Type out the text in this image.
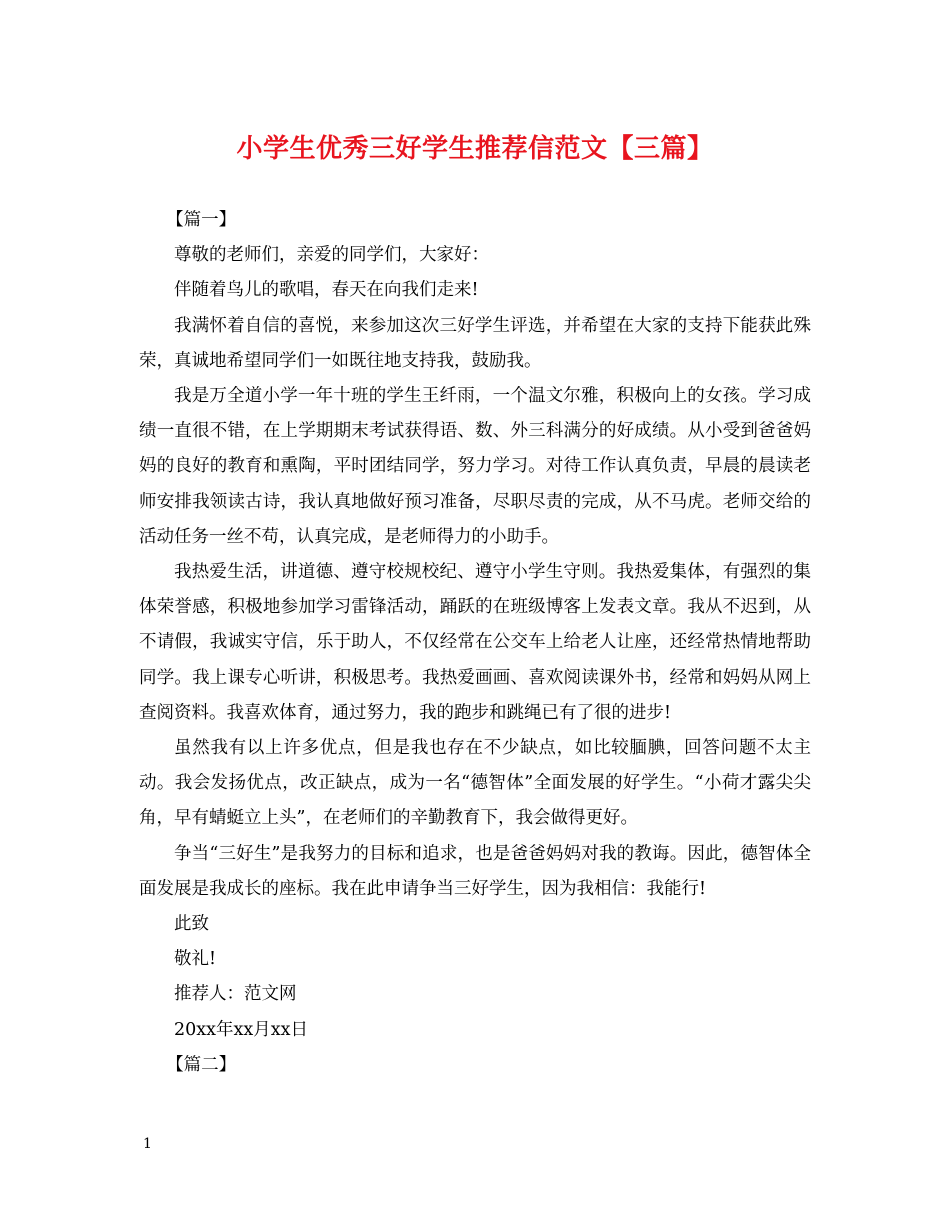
小学生优秀三好学生推荐信范文【三篇】

【篇一】

尊敬的老师们，亲爱的同学们，大家好：

伴随着鸟儿的歌唱，春天在向我们走来!

我满怀着自信的喜悦，来参加这次三好学生评选，并希望在大家的支持下能获此殊荣，真诚地希望同学们一如既往地支持我，鼓励我。

我是万全道小学一年十班的学生王纤雨，一个温文尔雅，积极向上的女孩。学习成绩一直很不错，在上学期期末考试获得语、数、外三科满分的好成绩。从小受到爸爸妈妈的良好的教育和熏陶，平时团结同学，努力学习。对待工作认真负责，早晨的晨读老师安排我领读古诗，我认真地做好预习准备，尽职尽责的完成，从不马虎。老师交给的活动任务一丝不苟，认真完成，是老师得力的小助手。

我热爱生活，讲道德、遵守校规校纪、遵守小学生守则。我热爱集体，有强烈的集体荣誉感，积极地参加学习雷锋活动，踊跃的在班级博客上发表文章。我从不迟到，从不请假，我诚实守信，乐于助人，不仅经常在公交车上给老人让座，还经常热情地帮助同学。我上课专心听讲，积极思考。我热爱画画、喜欢阅读课外书，经常和妈妈从网上查阅资料。我喜欢体育，通过努力，我的跑步和跳绳已有了很的进步!

虽然我有以上许多优点，但是我也存在不少缺点，如比较腼腆，回答问题不太主动。我会发扬优点，改正缺点，成为一名“德智体”全面发展的好学生。“小荷才露尖尖角，早有蜻蜓立上头”，在老师们的辛勤教育下，我会做得更好。

争当“三好生”是我努力的目标和追求，也是爸爸妈妈对我的教诲。因此，德智体全面发展是我成长的座标。我在此申请争当三好学生，因为我相信：我能行!

此致

敬礼!

推荐人：范文网

20xx年xx月xx日

【篇二】

1
